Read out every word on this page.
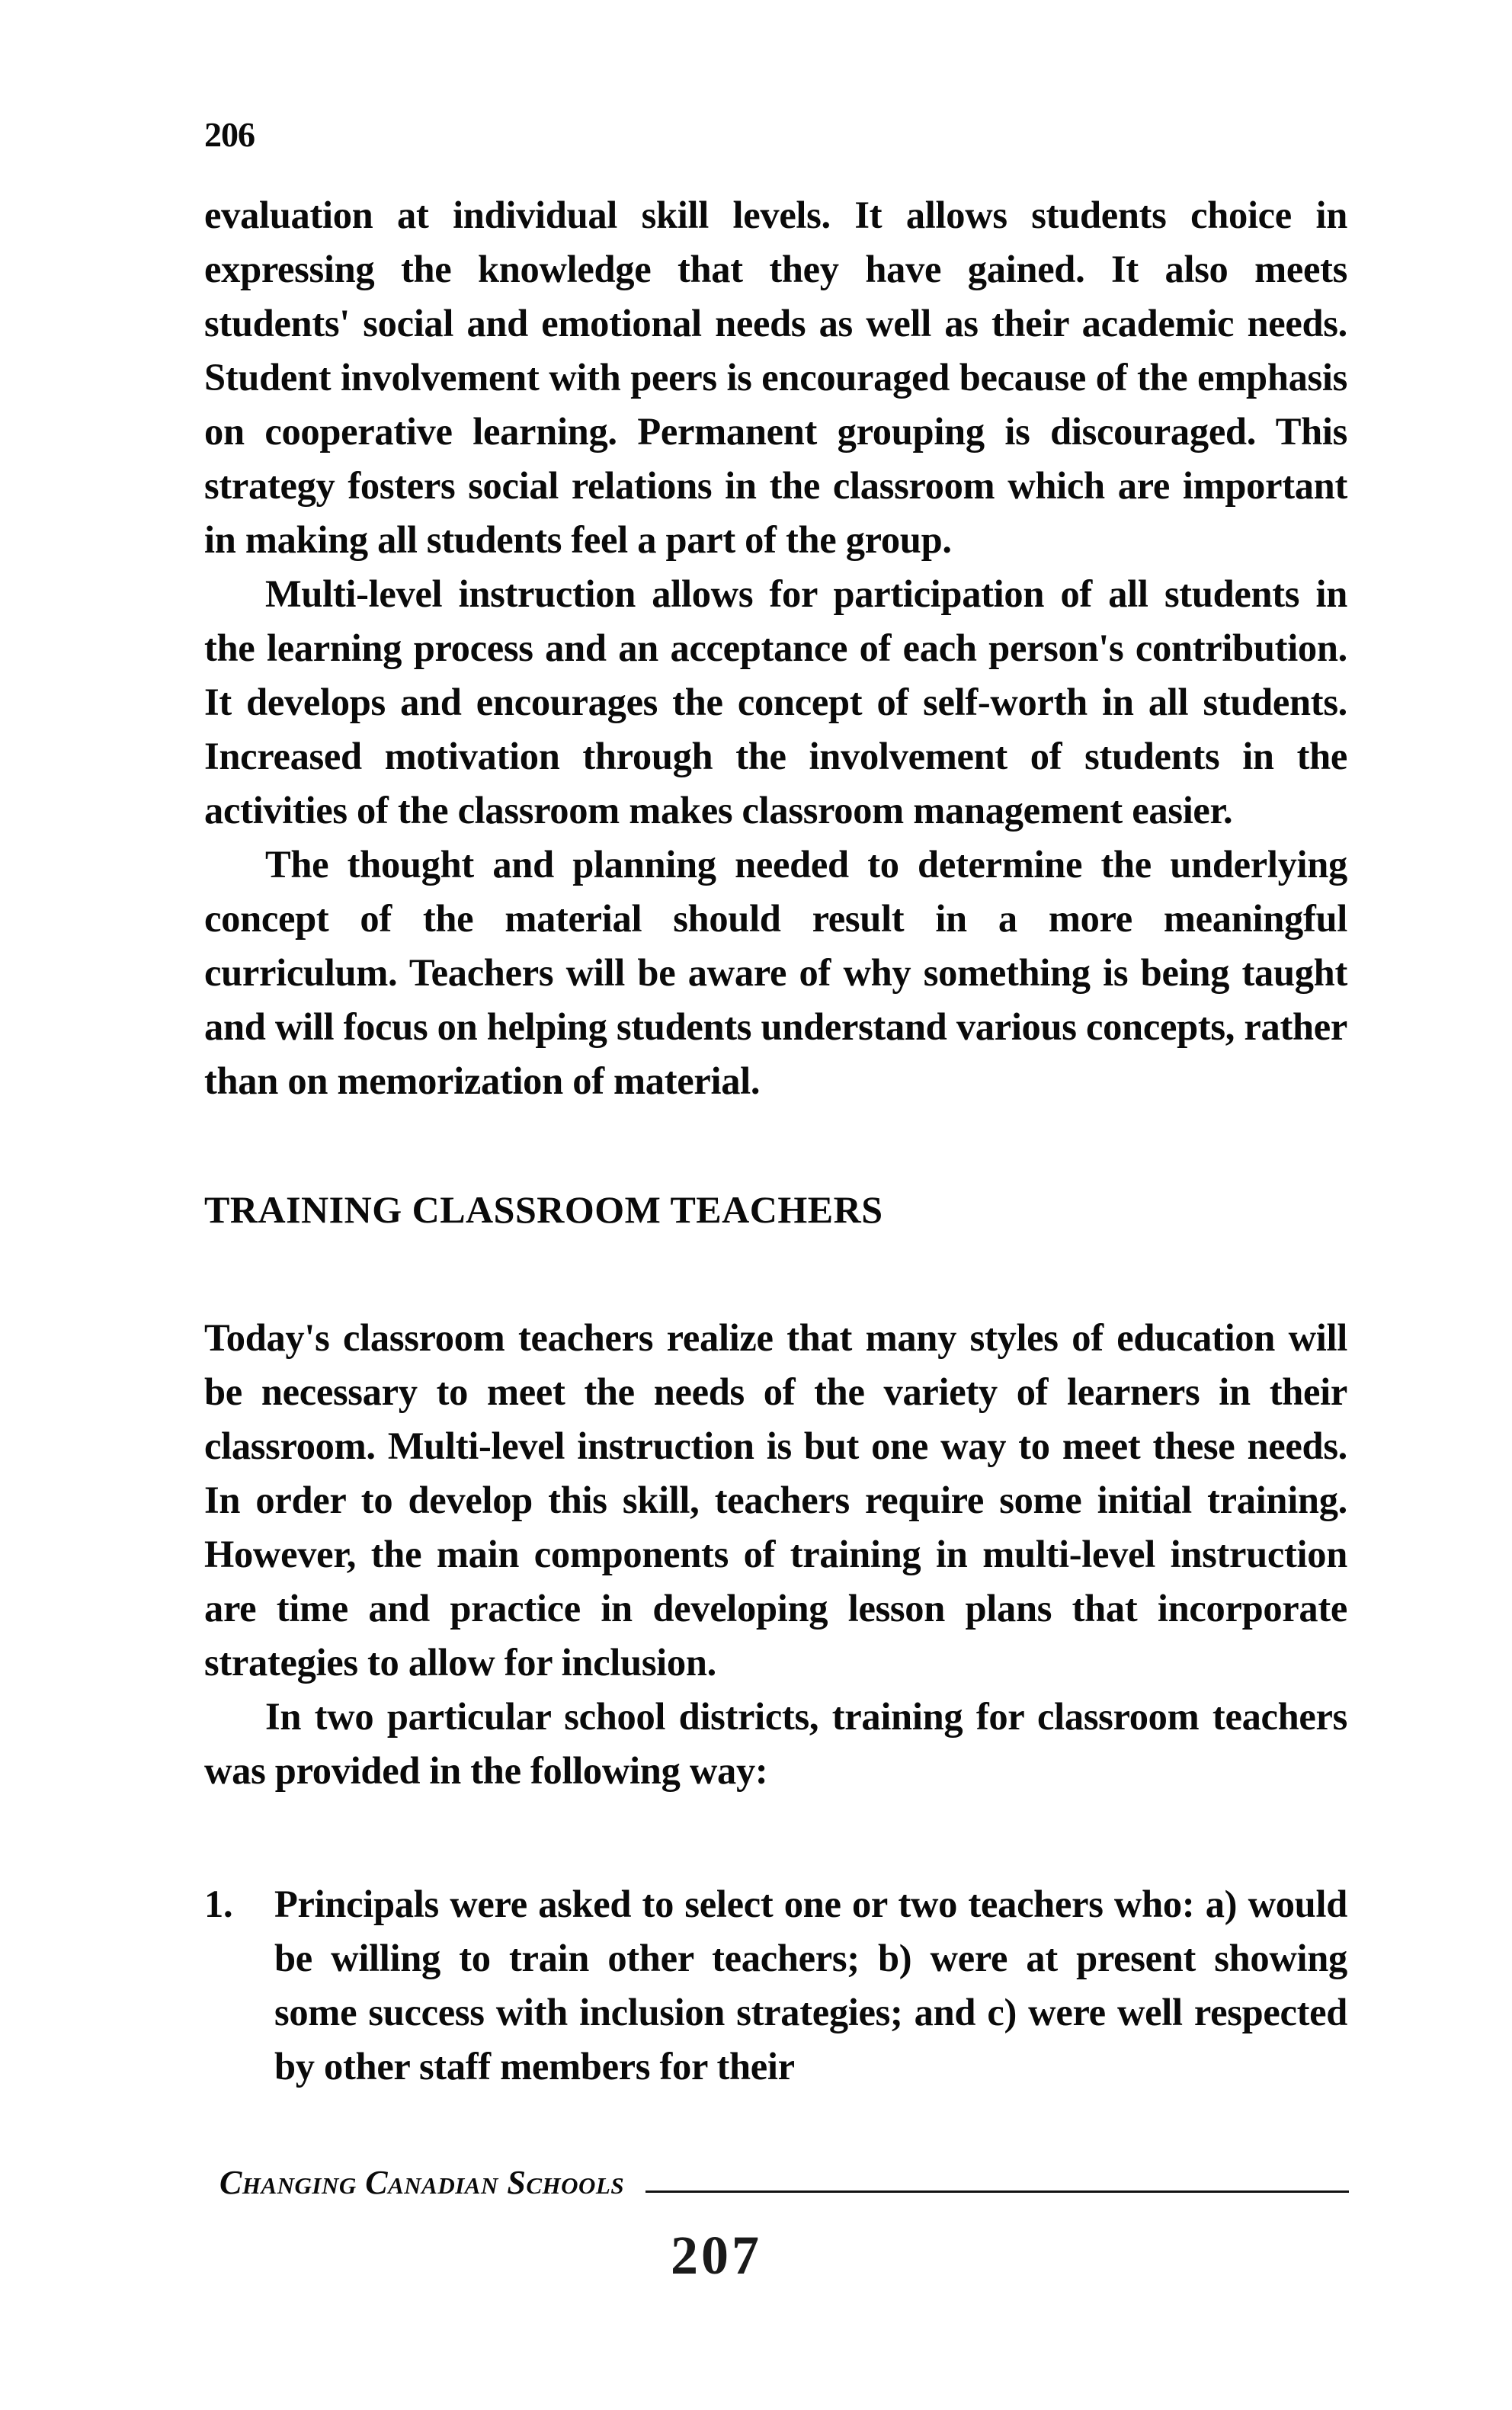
206

evaluation at individual skill levels. It allows students choice in expressing the knowledge that they have gained. It also meets students' social and emotional needs as well as their academic needs. Student involvement with peers is encouraged because of the emphasis on cooperative learning. Permanent grouping is discouraged. This strategy fosters social relations in the classroom which are important in making all students feel a part of the group.

Multi-level instruction allows for participation of all students in the learning process and an acceptance of each person's contribution. It develops and encourages the concept of self-worth in all students. Increased motivation through the involvement of students in the activities of the classroom makes classroom management easier.

The thought and planning needed to determine the underlying concept of the material should result in a more meaningful curriculum. Teachers will be aware of why something is being taught and will focus on helping students understand various concepts, rather than on memorization of material.

TRAINING CLASSROOM TEACHERS

Today's classroom teachers realize that many styles of education will be necessary to meet the needs of the variety of learners in their classroom. Multi-level instruction is but one way to meet these needs. In order to develop this skill, teachers require some initial training. However, the main components of training in multi-level instruction are time and practice in developing lesson plans that incorporate strategies to allow for inclusion.

In two particular school districts, training for classroom teachers was provided in the following way:

1.	Principals were asked to select one or two teachers who: a) would be willing to train other teachers; b) were at present showing some success with inclusion strategies; and c) were well respected by other staff members for their
Changing Canadian Schools
207
